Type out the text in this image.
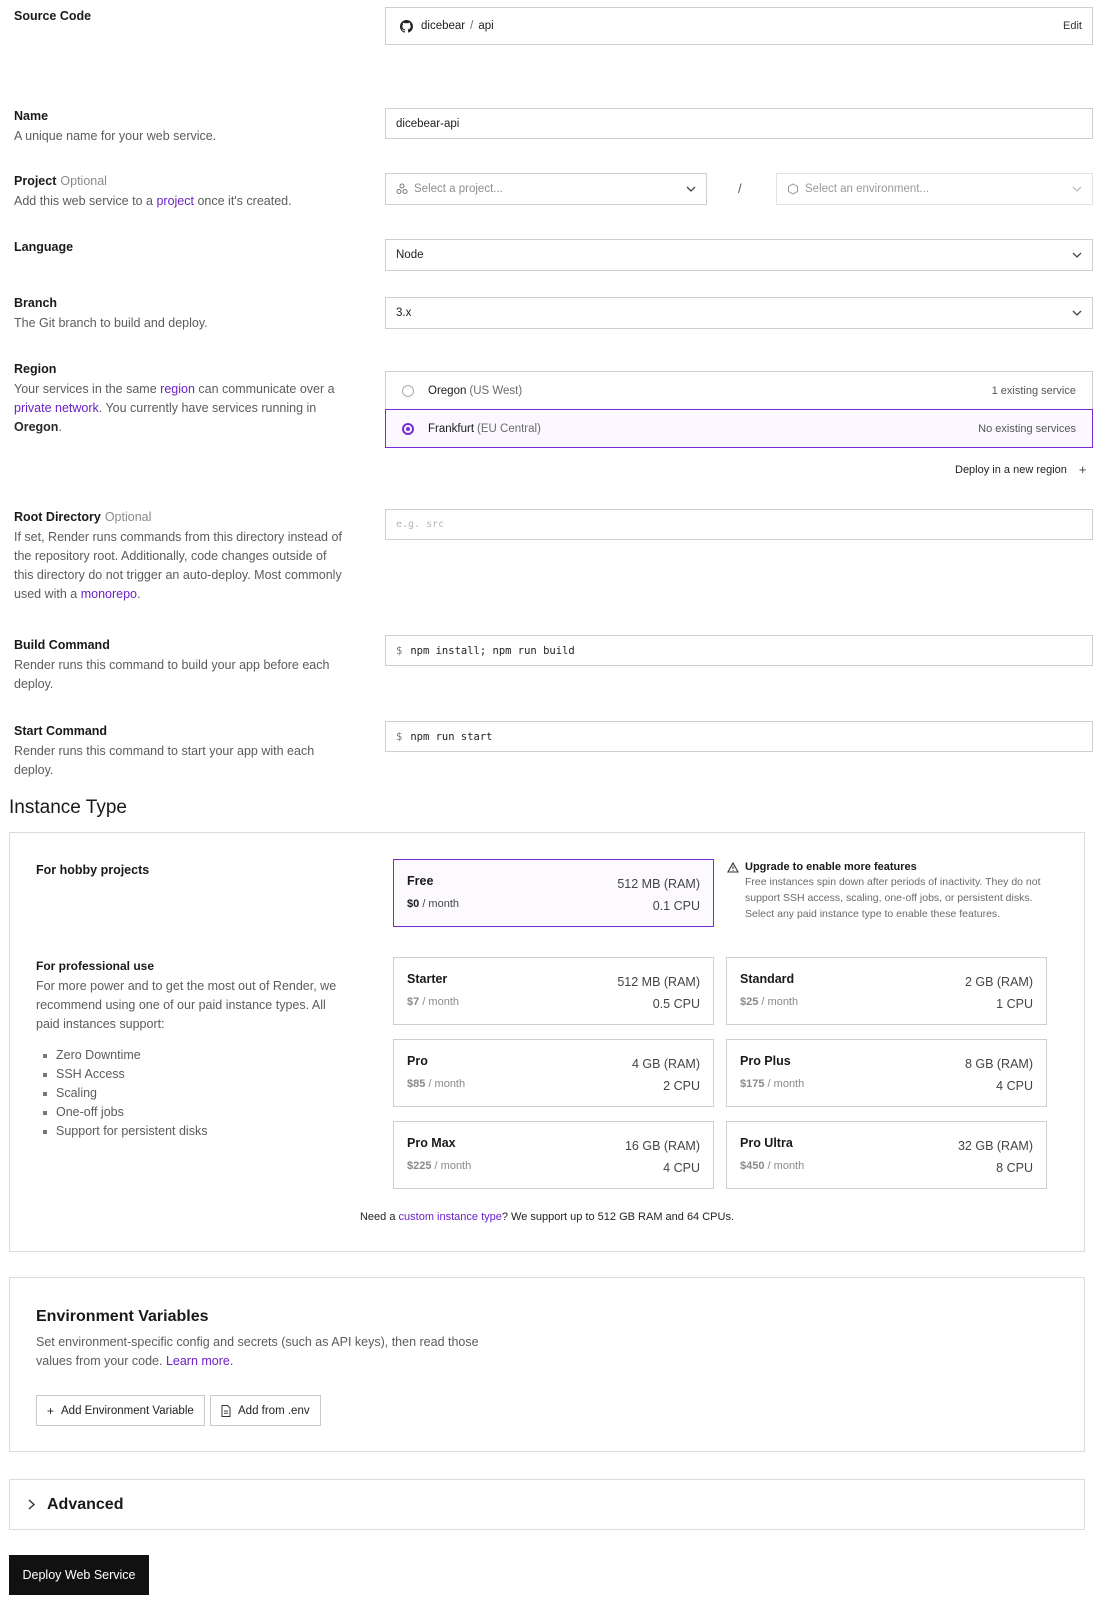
Source Code
dicebear / api	Edit
Name
A unique name for your web service.
dicebear-api
Project Optional
Add this web service to a project once it's created.
Select a project...	/	Select an environment...
Language
Node
Branch
The Git branch to build and deploy.
3.x
Region
Your services in the same region can communicate over a private network. You currently have services running in Oregon.
Oregon (US West)	1 existing service
Frankfurt (EU Central)	No existing services
Deploy in a new region +
Root Directory Optional
If set, Render runs commands from this directory instead of the repository root. Additionally, code changes outside of this directory do not trigger an auto-deploy. Most commonly used with a monorepo.
e.g. src
Build Command
Render runs this command to build your app before each deploy.
$ npm install; npm run build
Start Command
Render runs this command to start your app with each deploy.
$ npm run start
Instance Type
For hobby projects
Free
$0 / month
512 MB (RAM)
0.1 CPU
Upgrade to enable more features
Free instances spin down after periods of inactivity. They do not support SSH access, scaling, one-off jobs, or persistent disks. Select any paid instance type to enable these features.
For professional use
For more power and to get the most out of Render, we recommend using one of our paid instance types. All paid instances support:
Zero Downtime
SSH Access
Scaling
One-off jobs
Support for persistent disks
Starter
$7 / month
512 MB (RAM)
0.5 CPU
Standard
$25 / month
2 GB (RAM)
1 CPU
Pro
$85 / month
4 GB (RAM)
2 CPU
Pro Plus
$175 / month
8 GB (RAM)
4 CPU
Pro Max
$225 / month
16 GB (RAM)
4 CPU
Pro Ultra
$450 / month
32 GB (RAM)
8 CPU
Need a custom instance type? We support up to 512 GB RAM and 64 CPUs.
Environment Variables
Set environment-specific config and secrets (such as API keys), then read those values from your code. Learn more.
+ Add Environment Variable	Add from .env
Advanced
Deploy Web Service
